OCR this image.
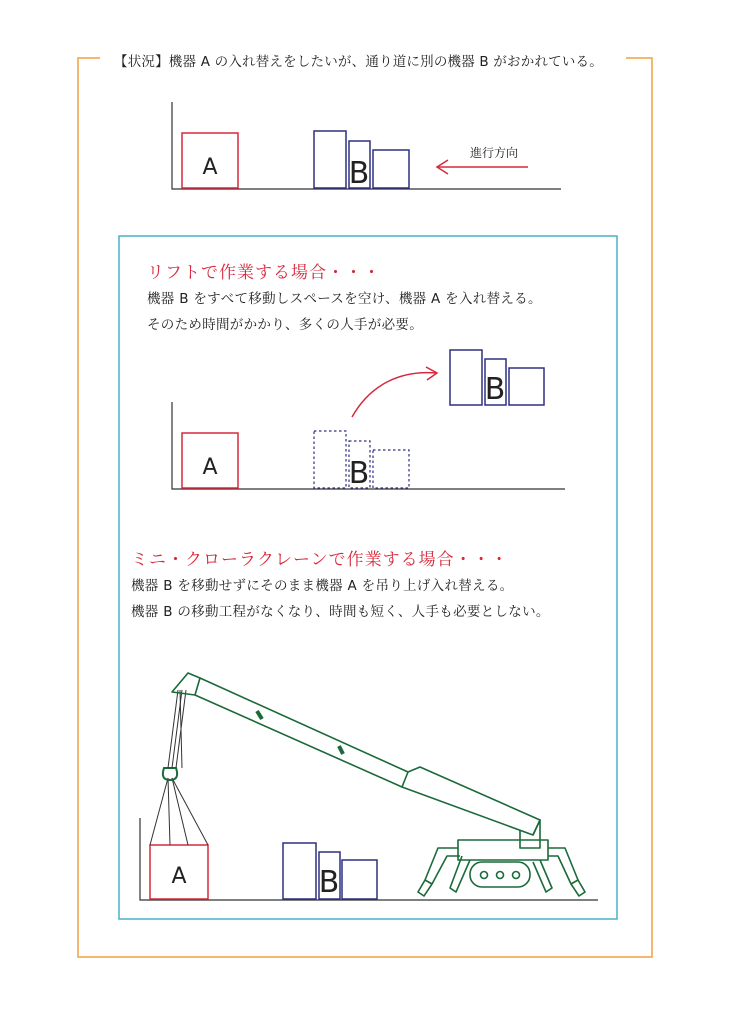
A	B
進行方向
A	B
B
A	B
【状況】機器 A の入れ替えをしたいが、通り道に別の機器 B がおかれている。
リフトで作業する場合・・・
機器 B をすべて移動しスペースを空け、機器 A を入れ替える。
そのため時間がかかり、多くの人手が必要。
ミニ・クローラクレーンで作業する場合・・・
機器 B を移動せずにそのまま機器 A を吊り上げ入れ替える。
機器 B の移動工程がなくなり、時間も短く、人手も必要としない。
